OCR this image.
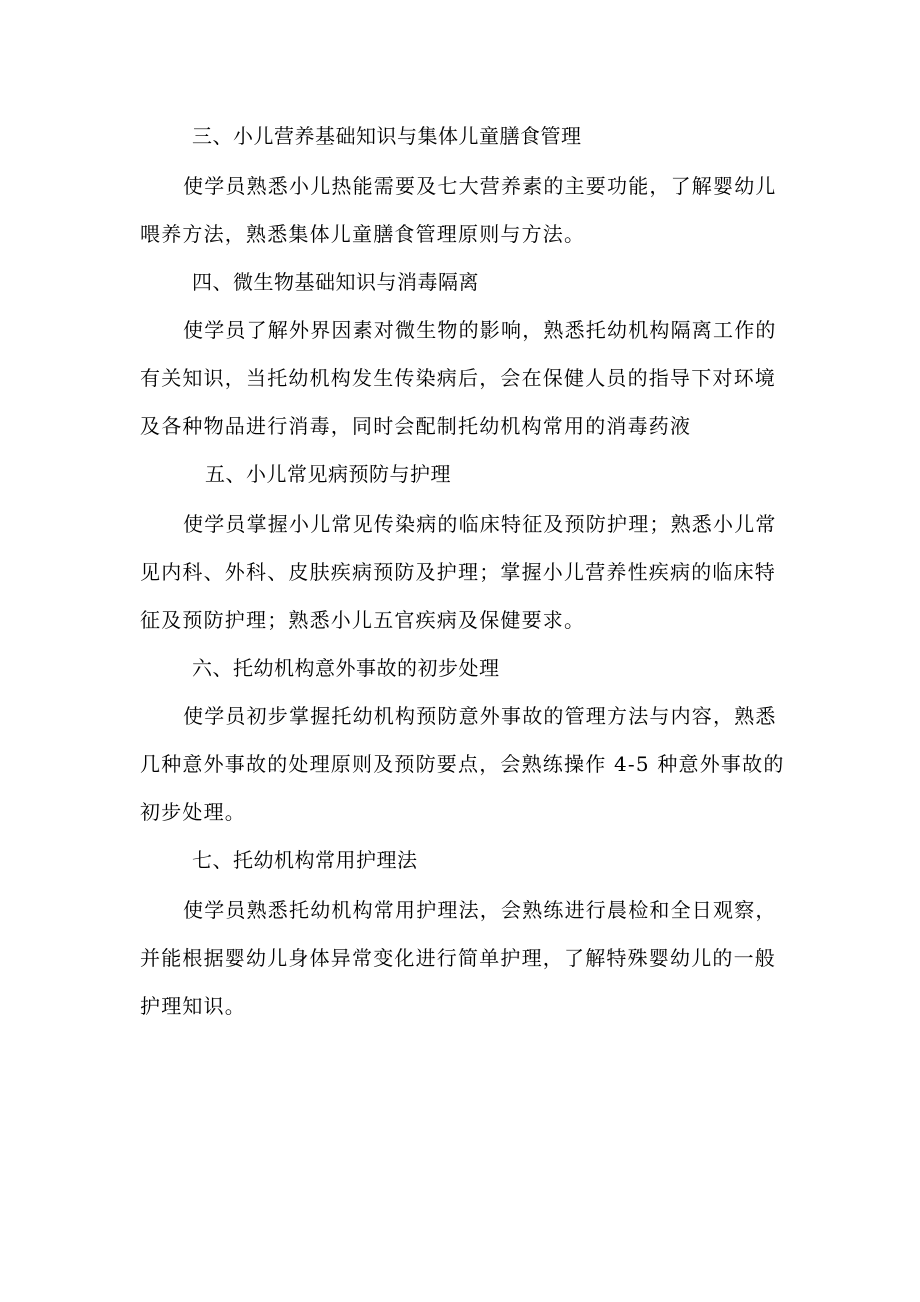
三、小儿营养基础知识与集体儿童膳食管理

使学员熟悉小儿热能需要及七大营养素的主要功能，了解婴幼儿

喂养方法，熟悉集体儿童膳食管理原则与方法。

四、微生物基础知识与消毒隔离

使学员了解外界因素对微生物的影响，熟悉托幼机构隔离工作的

有关知识，当托幼机构发生传染病后，会在保健人员的指导下对环境

及各种物品进行消毒，同时会配制托幼机构常用的消毒药液

五、小儿常见病预防与护理

使学员掌握小儿常见传染病的临床特征及预防护理；熟悉小儿常

见内科、外科、皮肤疾病预防及护理；掌握小儿营养性疾病的临床特

征及预防护理；熟悉小儿五官疾病及保健要求。

六、托幼机构意外事故的初步处理

使学员初步掌握托幼机构预防意外事故的管理方法与内容，熟悉

几种意外事故的处理原则及预防要点，会熟练操作 4-5 种意外事故的

初步处理。

七、托幼机构常用护理法

使学员熟悉托幼机构常用护理法，会熟练进行晨检和全日观察，

并能根据婴幼儿身体异常变化进行简单护理，了解特殊婴幼儿的一般

护理知识。
